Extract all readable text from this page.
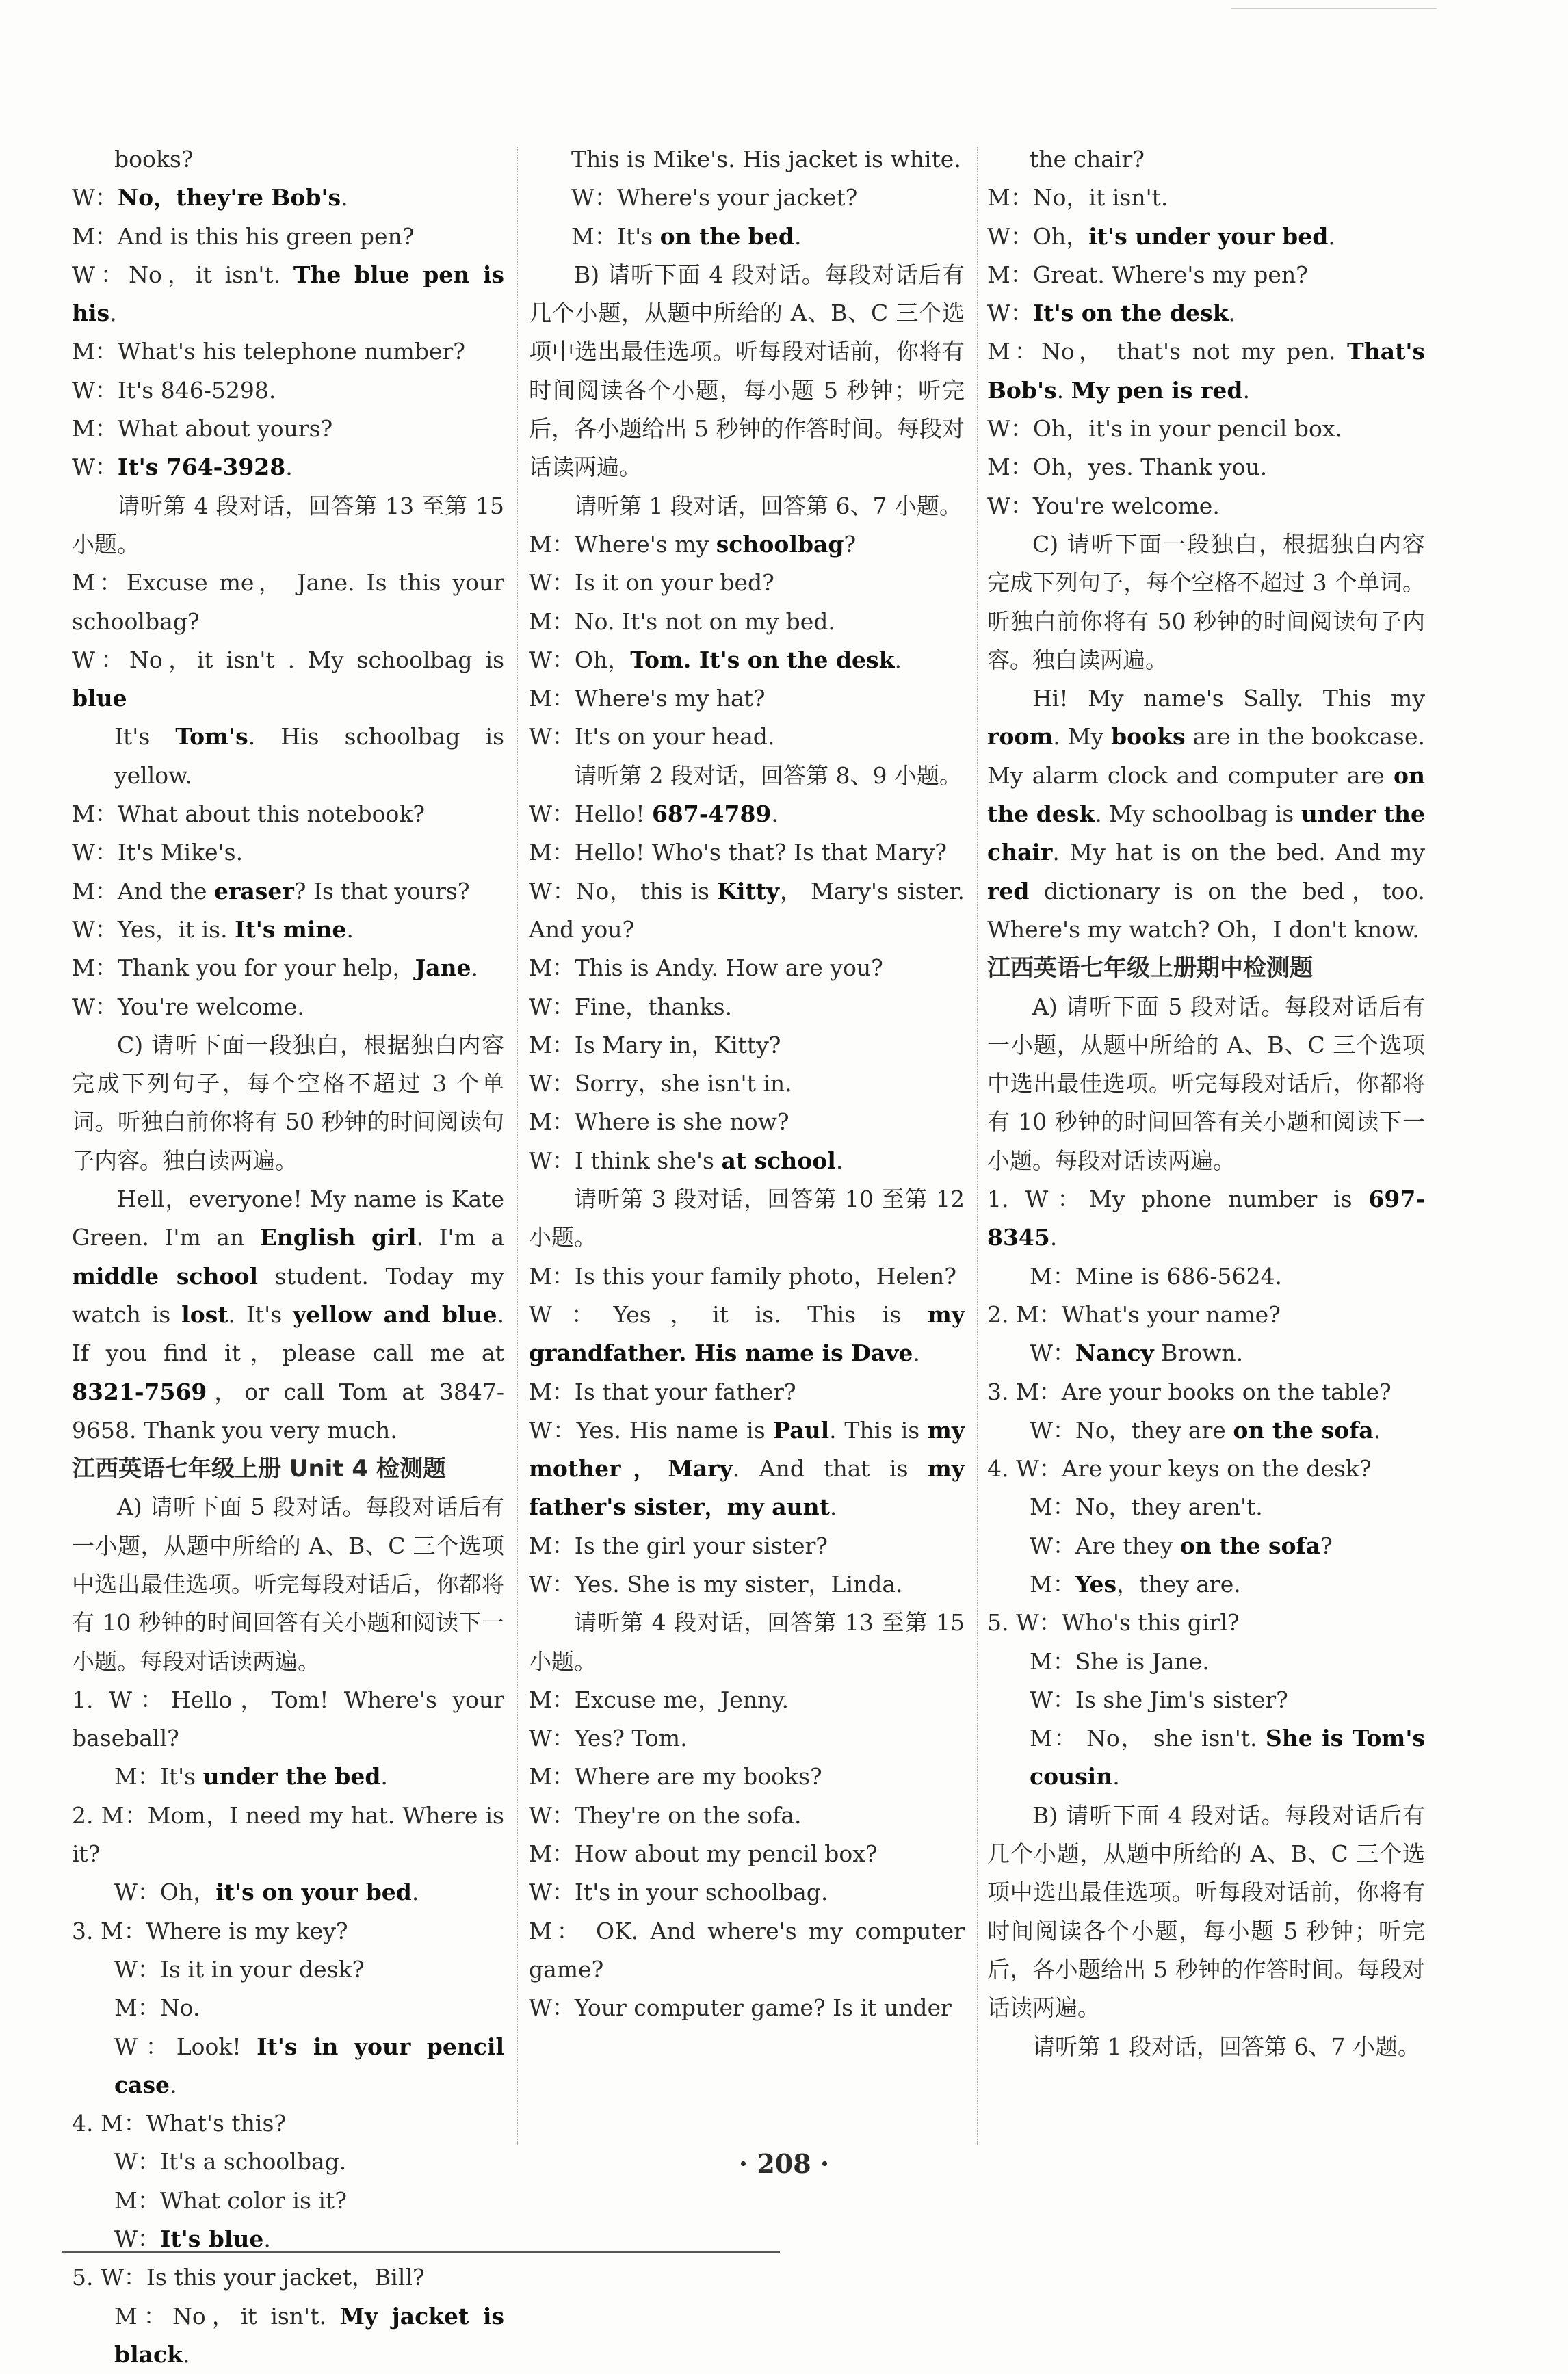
books?

W：No，they're Bob's.

M：And is this his green pen?

W：No，it isn't. The blue pen is his.

M：What's his telephone number?

W：It's 846-5298.

M：What about yours?

W：It's 764-3928.

请听第 4 段对话，回答第 13 至第 15 小题。

M：Excuse me， Jane. Is this your schoolbag?

W：No，it isn't . My schoolbag is blue

It's Tom's. His schoolbag is yellow.

M：What about this notebook?

W：It's Mike's.

M：And the eraser? Is that yours?

W：Yes，it is. It's mine.

M：Thank you for your help，Jane.

W：You're welcome.

C) 请听下面一段独白，根据独白内容完成下列句子，每个空格不超过 3 个单词。听独白前你将有 50 秒钟的时间阅读句子内容。独白读两遍。

Hell，everyone! My name is Kate Green. I'm an English girl. I'm a middle school student. Today my watch is lost. It's yellow and blue. If you find it，please call me at 8321-7569，or call Tom at 3847-9658. Thank you very much.

江西英语七年级上册 Unit 4 检测题

A) 请听下面 5 段对话。每段对话后有一小题，从题中所给的 A、B、C 三个选项中选出最佳选项。听完每段对话后，你都将有 10 秒钟的时间回答有关小题和阅读下一小题。每段对话读两遍。

1. W：Hello，Tom! Where's your baseball?

M：It's under the bed.

2. M：Mom，I need my hat. Where is it?

W：Oh，it's on your bed.

3. M：Where is my key?

W：Is it in your desk?

M：No.

W：Look! It's in your pencil case.

4. M：What's this?

W：It's a schoolbag.

M：What color is it?

W：It's blue.

5. W：Is this your jacket，Bill?

M：No，it isn't. My jacket is black.

This is Mike's. His jacket is white.

W：Where's your jacket?

M：It's on the bed.

B) 请听下面 4 段对话。每段对话后有几个小题，从题中所给的 A、B、C 三个选项中选出最佳选项。听每段对话前，你将有时间阅读各个小题，每小题 5 秒钟；听完后，各小题给出 5 秒钟的作答时间。每段对话读两遍。

请听第 1 段对话，回答第 6、7 小题。

M：Where's my schoolbag?

W：Is it on your bed?

M：No. It's not on my bed.

W：Oh，Tom. It's on the desk.

M：Where's my hat?

W：It's on your head.

请听第 2 段对话，回答第 8、9 小题。

W：Hello! 687-4789.

M：Hello! Who's that? Is that Mary?

W：No， this is Kitty， Mary's sister. And you?

M：This is Andy. How are you?

W：Fine，thanks.

M：Is Mary in，Kitty?

W：Sorry，she isn't in.

M：Where is she now?

W：I think she's at school.

请听第 3 段对话，回答第 10 至第 12 小题。

M：Is this your family photo，Helen?

W：Yes，it is. This is my grandfather. His name is Dave.

M：Is that your father?

W：Yes. His name is Paul. This is my mother，Mary. And that is my father's sister，my aunt.

M：Is the girl your sister?

W：Yes. She is my sister，Linda.

请听第 4 段对话，回答第 13 至第 15 小题。

M：Excuse me，Jenny.

W：Yes? Tom.

M：Where are my books?

W：They're on the sofa.

M：How about my pencil box?

W：It's in your schoolbag.

M： OK. And where's my computer game?

W：Your computer game? Is it under

the chair?

M：No，it isn't.

W：Oh，it's under your bed.

M：Great. Where's my pen?

W：It's on the desk.

M：No， that's not my pen. That's Bob's. My pen is red.

W：Oh，it's in your pencil box.

M：Oh，yes. Thank you.

W：You're welcome.

C) 请听下面一段独白，根据独白内容完成下列句子，每个空格不超过 3 个单词。听独白前你将有 50 秒钟的时间阅读句子内容。独白读两遍。

Hi! My name's Sally. This my room. My books are in the bookcase. My alarm clock and computer are on the desk. My schoolbag is under the chair. My hat is on the bed. And my red dictionary is on the bed，too. Where's my watch? Oh，I don't know.

江西英语七年级上册期中检测题

A) 请听下面 5 段对话。每段对话后有一小题，从题中所给的 A、B、C 三个选项中选出最佳选项。听完每段对话后，你都将有 10 秒钟的时间回答有关小题和阅读下一小题。每段对话读两遍。

1. W：My phone number is 697-8345.

M：Mine is 686-5624.

2. M：What's your name?

W：Nancy Brown.

3. M：Are your books on the table?

W：No，they are on the sofa.

4. W：Are your keys on the desk?

M：No，they aren't.

W：Are they on the sofa?

M：Yes，they are.

5. W：Who's this girl?

M：She is Jane.

W：Is she Jim's sister?

M： No， she isn't. She is Tom's cousin.

B) 请听下面 4 段对话。每段对话后有几个小题，从题中所给的 A、B、C 三个选项中选出最佳选项。听每段对话前，你将有时间阅读各个小题，每小题 5 秒钟；听完后，各小题给出 5 秒钟的作答时间。每段对话读两遍。

请听第 1 段对话，回答第 6、7 小题。

· 208 ·
